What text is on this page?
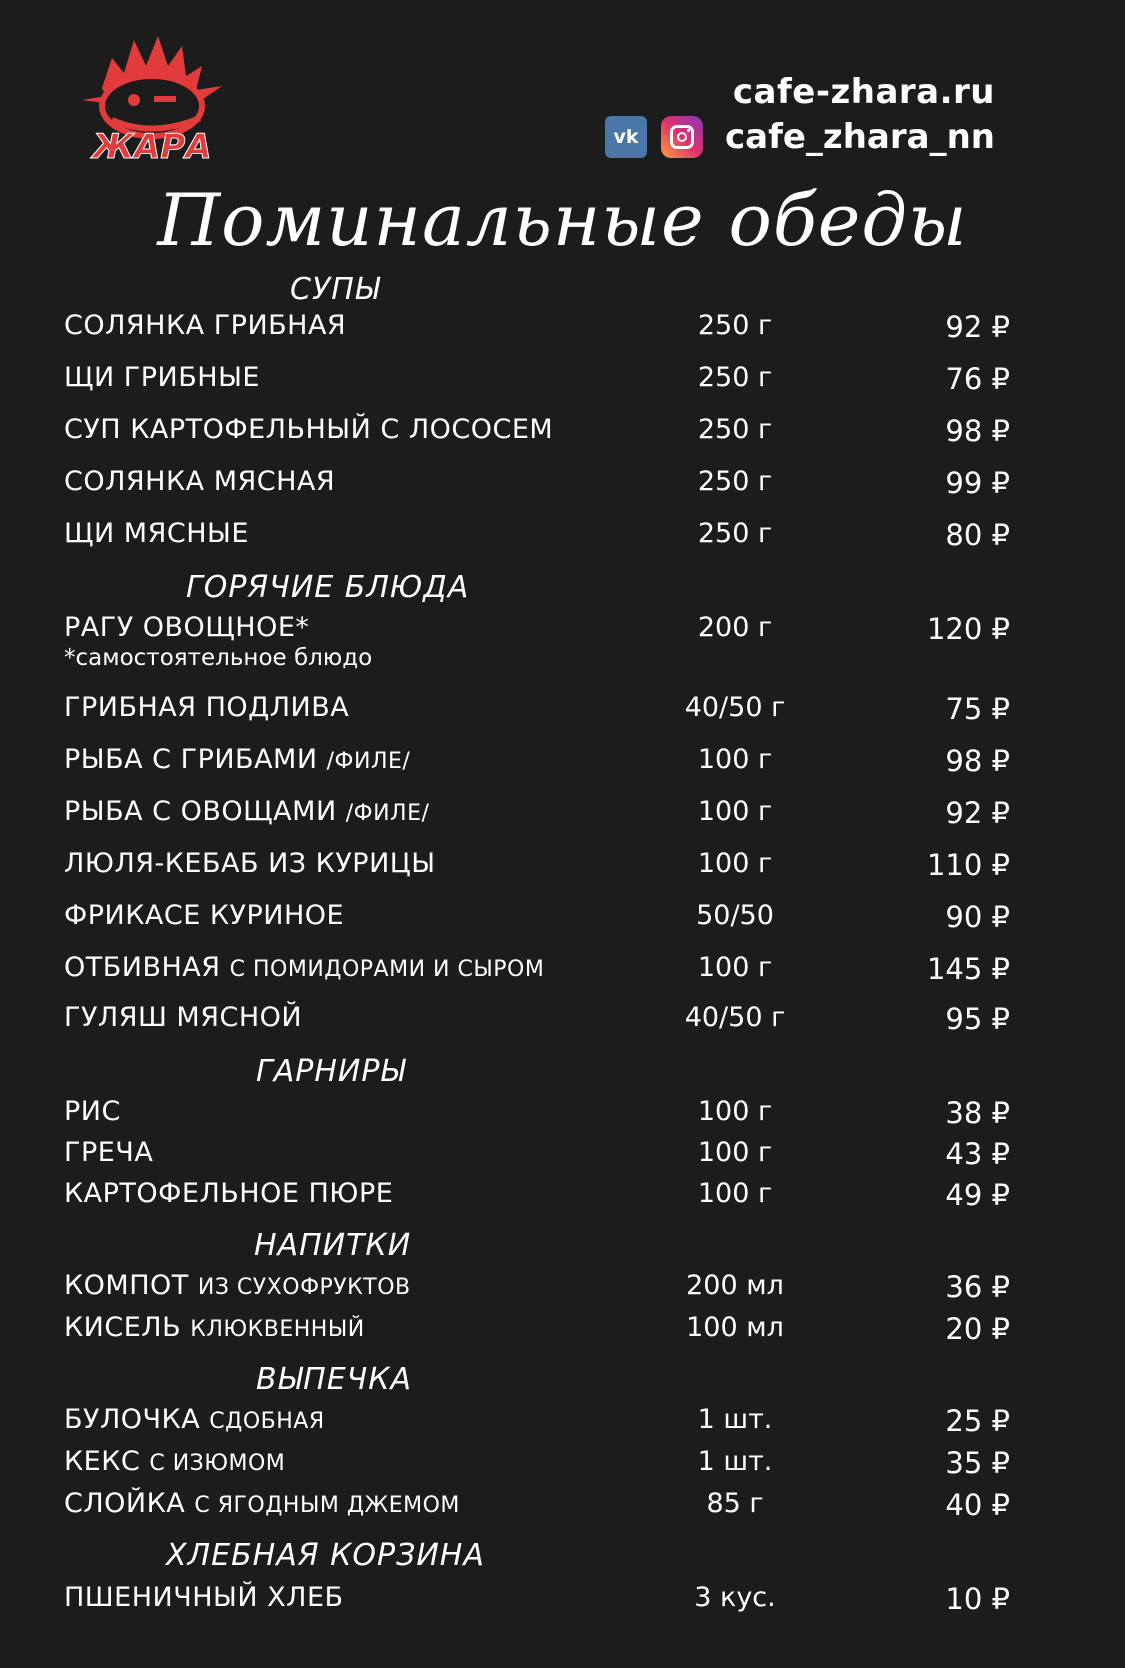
ЖАРА
cafe-zhara.ru
vk	cafe_zhara_nn
Поминальные обеды
СУПЫ
СОЛЯНКА ГРИБНАЯ	250 г	92 ₽
ЩИ ГРИБНЫЕ	250 г	76 ₽
СУП КАРТОФЕЛЬНЫЙ С ЛОСОСЕМ	250 г	98 ₽
СОЛЯНКА МЯСНАЯ	250 г	99 ₽
ЩИ МЯСНЫЕ	250 г	80 ₽
ГОРЯЧИЕ БЛЮДА
РАГУ ОВОЩНОЕ*	200 г	120 ₽
*самостоятельное блюдо
ГРИБНАЯ ПОДЛИВА	40/50 г	75 ₽
РЫБА С ГРИБАМИ /ФИЛЕ/	100 г	98 ₽
РЫБА С ОВОЩАМИ /ФИЛЕ/	100 г	92 ₽
ЛЮЛЯ-КЕБАБ ИЗ КУРИЦЫ	100 г	110 ₽
ФРИКАСЕ КУРИНОЕ	50/50	90 ₽
ОТБИВНАЯ С ПОМИДОРАМИ И СЫРОМ	100 г	145 ₽
ГУЛЯШ МЯСНОЙ	40/50 г	95 ₽
ГАРНИРЫ
РИС	100 г	38 ₽
ГРЕЧА	100 г	43 ₽
КАРТОФЕЛЬНОЕ ПЮРЕ	100 г	49 ₽
НАПИТКИ
КОМПОТ ИЗ СУХОФРУКТОВ	200 мл	36 ₽
КИСЕЛЬ КЛЮКВЕННЫЙ	100 мл	20 ₽
ВЫПЕЧКА
БУЛОЧКА СДОБНАЯ	1 шт.	25 ₽
КЕКС С ИЗЮМОМ	1 шт.	35 ₽
СЛОЙКА С ЯГОДНЫМ ДЖЕМОМ	85 г	40 ₽
ХЛЕБНАЯ КОРЗИНА
ПШЕНИЧНЫЙ ХЛЕБ	3 кус.	10 ₽
